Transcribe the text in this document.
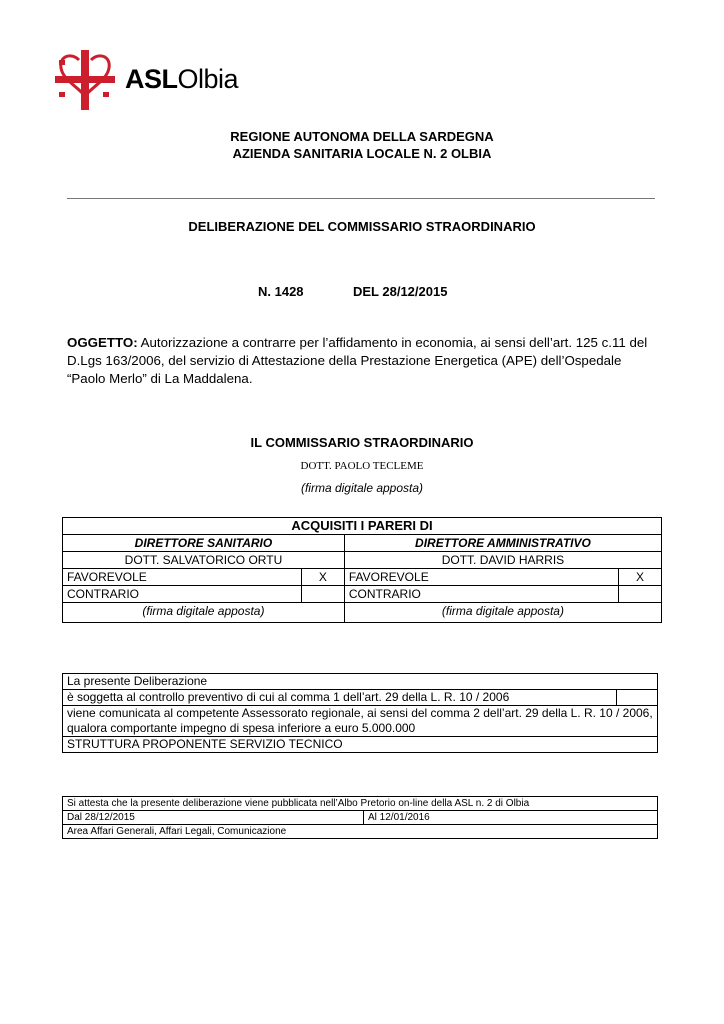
ASLOlbia
REGIONE AUTONOMA DELLA SARDEGNA
AZIENDA SANITARIA LOCALE N. 2 OLBIA
DELIBERAZIONE DEL COMMISSARIO STRAORDINARIO
N. 1428	DEL 28/12/2015
OGGETTO: Autorizzazione a contrarre per l’affidamento in economia, ai sensi dell’art. 125 c.11 del D.Lgs 163/2006, del servizio di Attestazione della Prestazione Energetica (APE) dell’Ospedale “Paolo Merlo” di La Maddalena.
IL COMMISSARIO STRAORDINARIO
DOTT. PAOLO TECLEME
(firma digitale apposta)
ACQUISITI I PARERI DI			
DIRETTORE SANITARIO		DIRETTORE AMMINISTRATIVO	
DOTT. SALVATORICO ORTU		DOTT. DAVID HARRIS	
FAVOREVOLE	X	FAVOREVOLE	X
CONTRARIO		CONTRARIO	
(firma digitale apposta)		(firma digitale apposta)	
La presente Deliberazione
è soggetta al controllo preventivo di cui al comma 1 dell’art. 29 della L. R. 10 / 2006	
viene comunicata al competente Assessorato regionale, ai sensi del comma 2 dell’art. 29 della L. R. 10 / 2006, qualora comportante impegno di spesa inferiore a euro 5.000.000
STRUTTURA PROPONENTE SERVIZIO TECNICO
Si attesta che la presente deliberazione viene pubblicata nell’Albo Pretorio on-line della ASL n. 2 di Olbia
Dal 28/12/2015	Al 12/01/2016
Area Affari Generali, Affari Legali, Comunicazione
